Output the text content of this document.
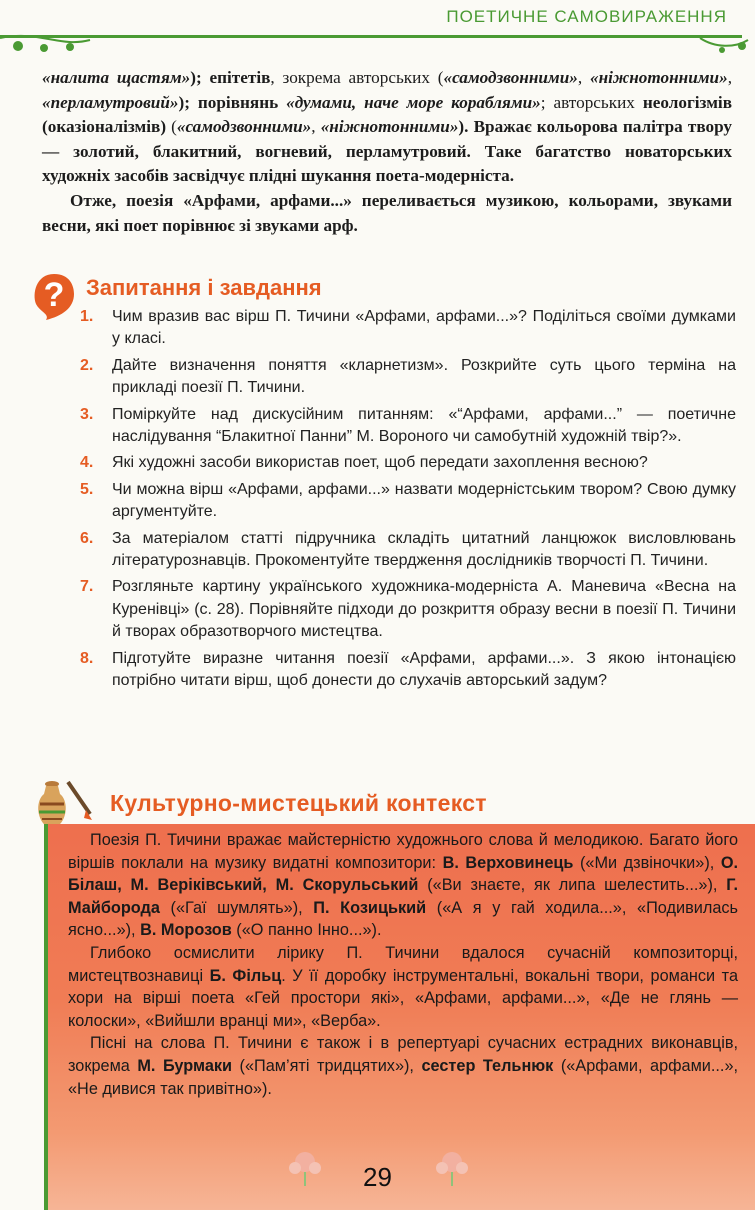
ПОЕТИЧНЕ САМОВИРАЖЕННЯ

«налита щастям»); епітетів, зокрема авторських («самодзвонними», «ніжнотонними», «перламутровий»); порівнянь «думами, наче море кораблями»; авторських неологізмів (оказіоналізмів) («самодзвонними», «ніжнотонними»). Вражає кольорова палітра твору — золотий, блакитний, вогневий, перламутровий. Таке багатство новаторських художніх засобів засвідчує плідні шукання поета-модерніста.

Отже, поезія «Арфами, арфами...» переливається музикою, кольорами, звуками весни, які поет порівнює зі звуками арф.

? Запитання і завдання
1. Чим вразив вас вірш П. Тичини «Арфами, арфами...»? Поділіться своїми думками у класі.
2. Дайте визначення поняття «кларнетизм». Розкрийте суть цього терміна на прикладі поезії П. Тичини.
3. Поміркуйте над дискусійним питанням: «“Арфами, арфами...” — поетичне наслідування “Блакитної Панни” М. Вороного чи самобутній художній твір?».
4. Які художні засоби використав поет, щоб передати захоплення весною?
5. Чи можна вірш «Арфами, арфами...» назвати модерністським твором? Свою думку аргументуйте.
6. За матеріалом статті підручника складіть цитатний ланцюжок висловлювань літературознавців. Прокоментуйте твердження дослідників творчості П. Тичини.
7. Розгляньте картину українського художника-модерніста А. Маневича «Весна на Куренівці» (с. 28). Порівняйте підходи до розкриття образу весни в поезії П. Тичини й творах образотворчого мистецтва.
8. Підготуйте виразне читання поезії «Арфами, арфами...». З якою інтонацією потрібно читати вірш, щоб донести до слухачів авторський задум?
Культурно-мистецький контекст

Поезія П. Тичини вражає майстерністю художнього слова й мелодикою. Багато його віршів поклали на музику видатні композитори: В. Верховинець («Ми дзвіночки»), О. Білаш, М. Веріківський, М. Скорульський («Ви знаєте, як липа шелестить...»), Г. Майборода («Гаї шумлять»), П. Козицький («А я у гай ходила...», «Подивилась ясно...»), В. Морозов («О панно Інно...»).

Глибоко осмислити лірику П. Тичини вдалося сучасній композиторці, мистецтвознавиці Б. Фільц. У її доробку інструментальні, вокальні твори, романси та хори на вірші поета «Гей простори які», «Арфами, арфами...», «Де не глянь — колоски», «Вийшли вранці ми», «Верба».

Пісні на слова П. Тичини є також і в репертуарі сучасних естрадних виконавців, зокрема М. Бурмаки («Пам’яті тридцятих»), сестер Тельнюк («Арфами, арфами...», «Не дивися так привітно»).

29
